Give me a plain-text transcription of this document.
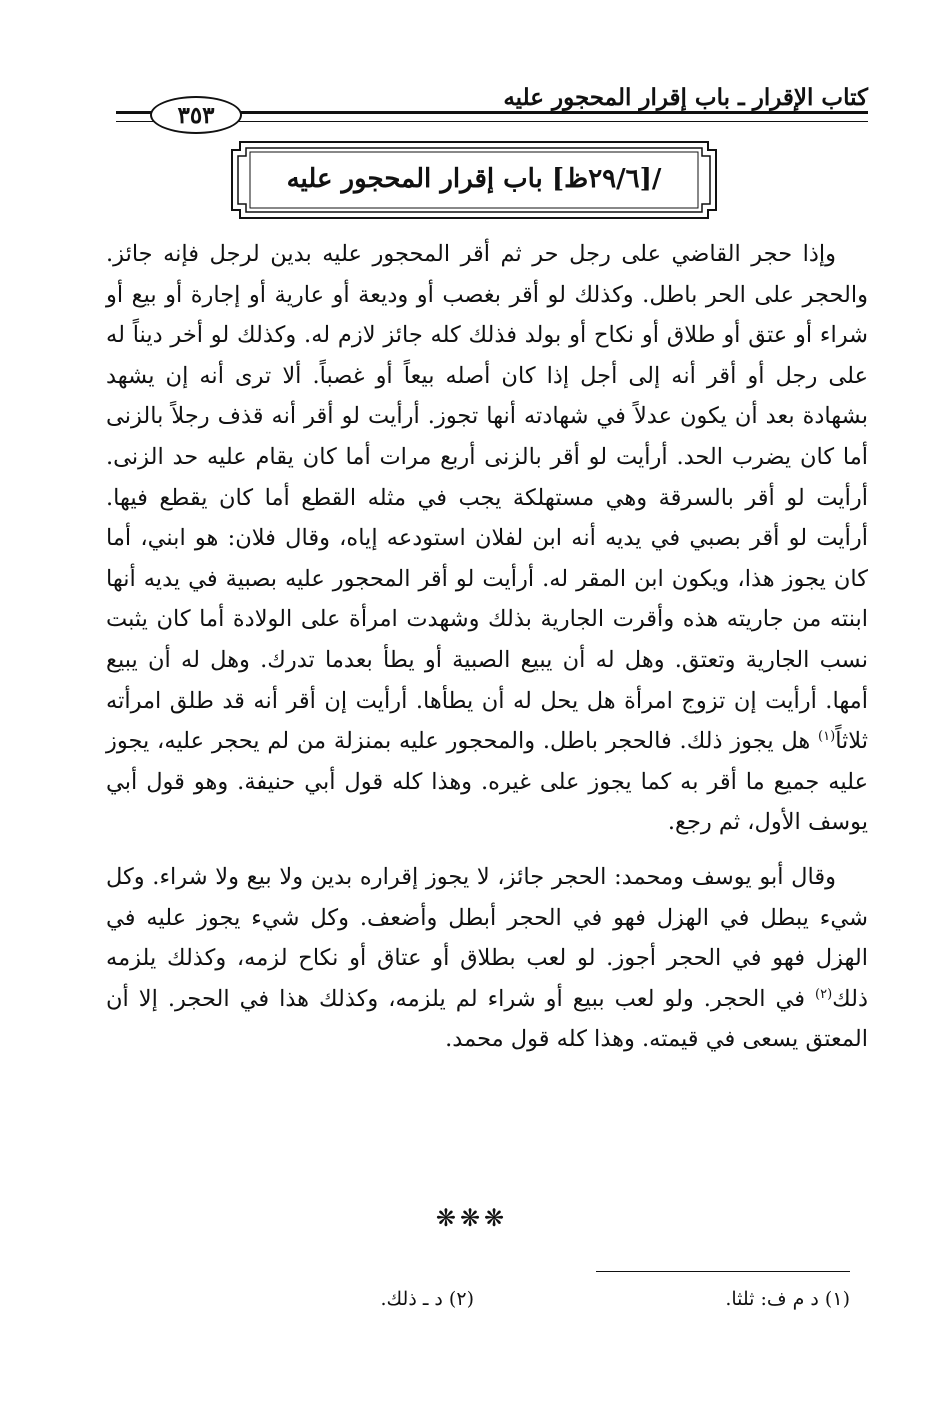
كتاب الإقرار ـ باب إقرار المحجور عليه
٣٥٣
/[٢٩/٦ظ] باب إقرار المحجور عليه

وإذا حجر القاضي على رجل حر ثم أقر المحجور عليه بدين لرجل فإنه جائز. والحجر على الحر باطل. وكذلك لو أقر بغصب أو وديعة أو عارية أو إجارة أو بيع أو شراء أو عتق أو طلاق أو نكاح أو بولد فذلك كله جائز لازم له. وكذلك لو أخر ديناً له على رجل أو أقر أنه إلى أجل إذا كان أصله بيعاً أو غصباً. ألا ترى أنه إن يشهد بشهادة بعد أن يكون عدلاً في شهادته أنها تجوز. أرأيت لو أقر أنه قذف رجلاً بالزنى أما كان يضرب الحد. أرأيت لو أقر بالزنى أربع مرات أما كان يقام عليه حد الزنى. أرأيت لو أقر بالسرقة وهي مستهلكة يجب في مثله القطع أما كان يقطع فيها. أرأيت لو أقر بصبي في يديه أنه ابن لفلان استودعه إياه، وقال فلان: هو ابني، أما كان يجوز هذا، ويكون ابن المقر له. أرأيت لو أقر المحجور عليه بصبية في يديه أنها ابنته من جاريته هذه وأقرت الجارية بذلك وشهدت امرأة على الولادة أما كان يثبت نسب الجارية وتعتق. وهل له أن يبيع الصبية أو يطأ بعدما تدرك. وهل له أن يبيع أمها. أرأيت إن تزوج امرأة هل يحل له أن يطأها. أرأيت إن أقر أنه قد طلق امرأته ثلاثاً$^{(١)}$ هل يجوز ذلك. فالحجر باطل. والمحجور عليه بمنزلة من لم يحجر عليه، يجوز عليه جميع ما أقر به كما يجوز على غيره. وهذا كله قول أبي حنيفة. وهو قول أبي يوسف الأول، ثم رجع.

وقال أبو يوسف ومحمد: الحجر جائز، لا يجوز إقراره بدين ولا بيع ولا شراء. وكل شيء يبطل في الهزل فهو في الحجر أبطل وأضعف. وكل شيء يجوز عليه في الهزل فهو في الحجر أجوز. لو لعب بطلاق أو عتاق أو نكاح لزمه، وكذلك يلزمه ذلك$^{(٢)}$ في الحجر. ولو لعب ببيع أو شراء لم يلزمه، وكذلك هذا في الحجر. إلا أن المعتق يسعى في قيمته. وهذا كله قول محمد.

❋❋❋
(١) د م ف: ثلثا.
(٢) د ـ ذلك.
